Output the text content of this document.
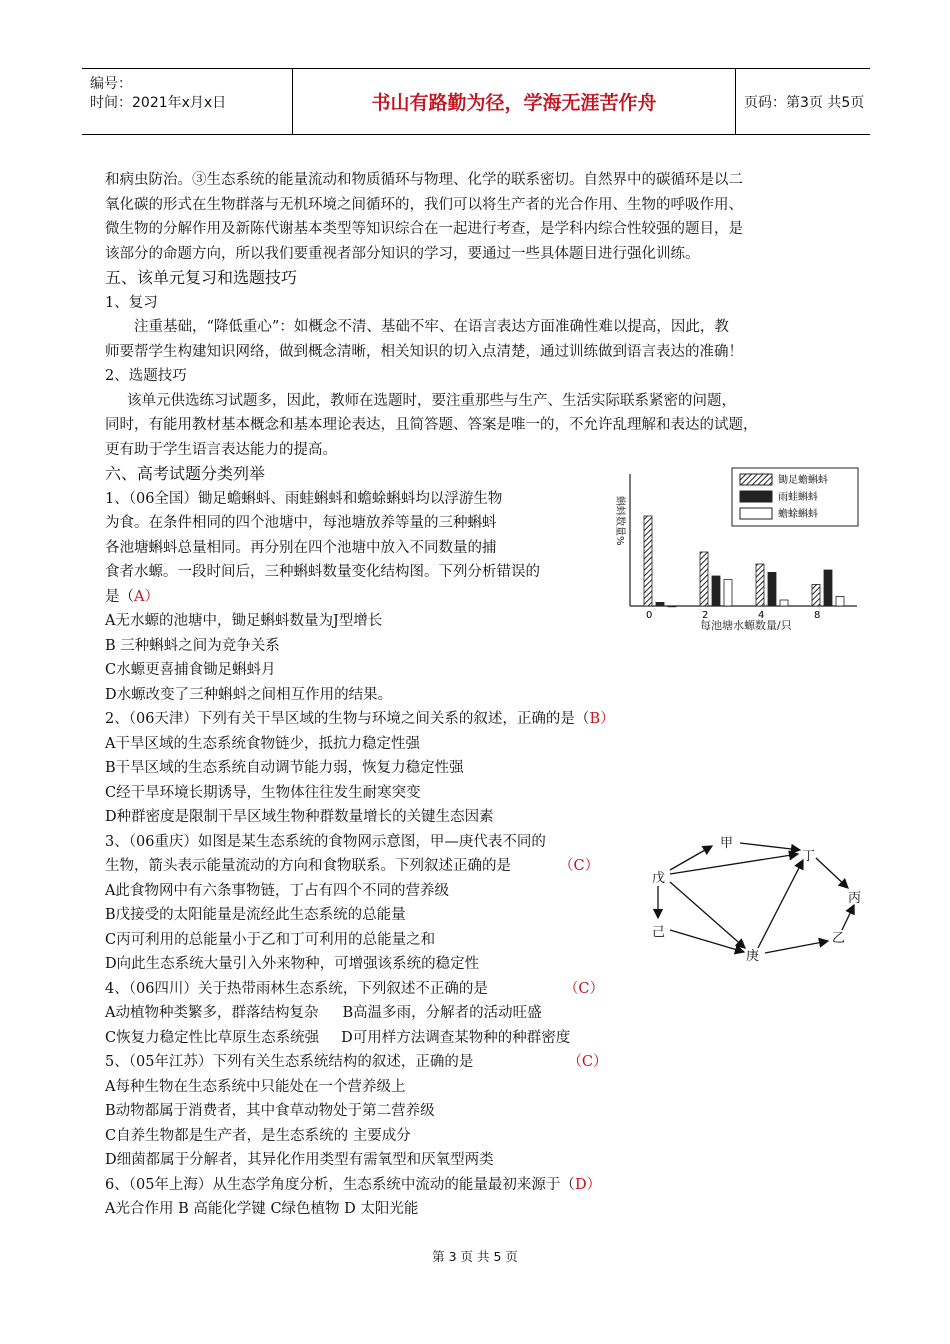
编号：
时间：2021年x月x日	书山有路勤为径，学海无涯苦作舟	页码：第3页 共5页

和病虫防治。③生态系统的能量流动和物质循环与物理、化学的联系密切。自然界中的碳循环是以二

氧化碳的形式在生物群落与无机环境之间循环的，我们可以将生产者的光合作用、生物的呼吸作用、

微生物的分解作用及新陈代谢基本类型等知识综合在一起进行考查，是学科内综合性较强的题目，是

该部分的命题方向，所以我们要重视者部分知识的学习，要通过一些具体题目进行强化训练。

五、该单元复习和选题技巧

1、复习

注重基础，“降低重心”：如概念不清、基础不牢、在语言表达方面准确性难以提高，因此，教

师要帮学生构建知识网络，做到概念清晰，相关知识的切入点清楚，通过训练做到语言表达的准确！

2、选题技巧

该单元供选练习试题多，因此，教师在选题时，要注重那些与生产、生活实际联系紧密的问题，

同时，有能用教材基本概念和基本理论表达，且简答题、答案是唯一的，不允许乱理解和表达的试题，

更有助于学生语言表达能力的提高。

六、高考试题分类列举

1、（06全国）锄足蟾蝌蚪、雨蛙蝌蚪和蟾蜍蝌蚪均以浮游生物

为食。在条件相同的四个池塘中，每池塘放养等量的三种蝌蚪

各池塘蝌蚪总量相同。再分别在四个池塘中放入不同数量的捕

食者水螈。一段时间后，三种蝌蚪数量变化结构图。下列分析错误的

是（A）

A无水螈的池塘中，锄足蝌蚪数量为J型增长

B 三种蝌蚪之间为竞争关系

C水螈更喜捕食锄足蝌蚪月

D水螈改变了三种蝌蚪之间相互作用的结果。

2、（06天津）下列有关干旱区域的生物与环境之间关系的叙述，正确的是（B）

A干旱区域的生态系统食物链少，抵抗力稳定性强

B干旱区域的生态系统自动调节能力弱，恢复力稳定性强

C经干旱环境长期诱导，生物体往往发生耐寒突变

D种群密度是限制干旱区域生物种群数量增长的关键生态因素

3、（06重庆）如图是某生态系统的食物网示意图，甲—庚代表不同的

生物，箭头表示能量流动的方向和食物联系。下列叙述正确的是	（C）

A此食物网中有六条事物链，丁占有四个不同的营养级

B戊接受的太阳能量是流经此生态系统的总能量

C丙可利用的总能量小于乙和丁可利用的总能量之和

D向此生态系统大量引入外来物种，可增强该系统的稳定性

4、（06四川）关于热带雨林生态系统，下列叙述不正确的是	（C）

A动植物种类繁多，群落结构复杂 B高温多雨，分解者的活动旺盛

C恢复力稳定性比草原生态系统强 D可用样方法调查某物种的种群密度

5、（05年江苏）下列有关生态系统结构的叙述，正确的是	（C）

A每种生物在生态系统中只能处在一个营养级上

B动物都属于消费者，其中食草动物处于第二营养级

C自养生物都是生产者，是生态系统的 主要成分

D细菌都属于分解者，其异化作用类型有需氧型和厌氧型两类

6、（05年上海）从生态学角度分析，生态系统中流动的能量最初来源于（D）

A光合作用 B 高能化学键 C绿色植物 D 太阳光能

蝌蚪数量%
每池塘水螈数量/只
0	2	4	8
锄足蟾蝌蚪
雨蛙蝌蚪
蟾蜍蝌蚪
甲
丁
戊
丙
己
庚
乙
第 3 页 共 5 页
